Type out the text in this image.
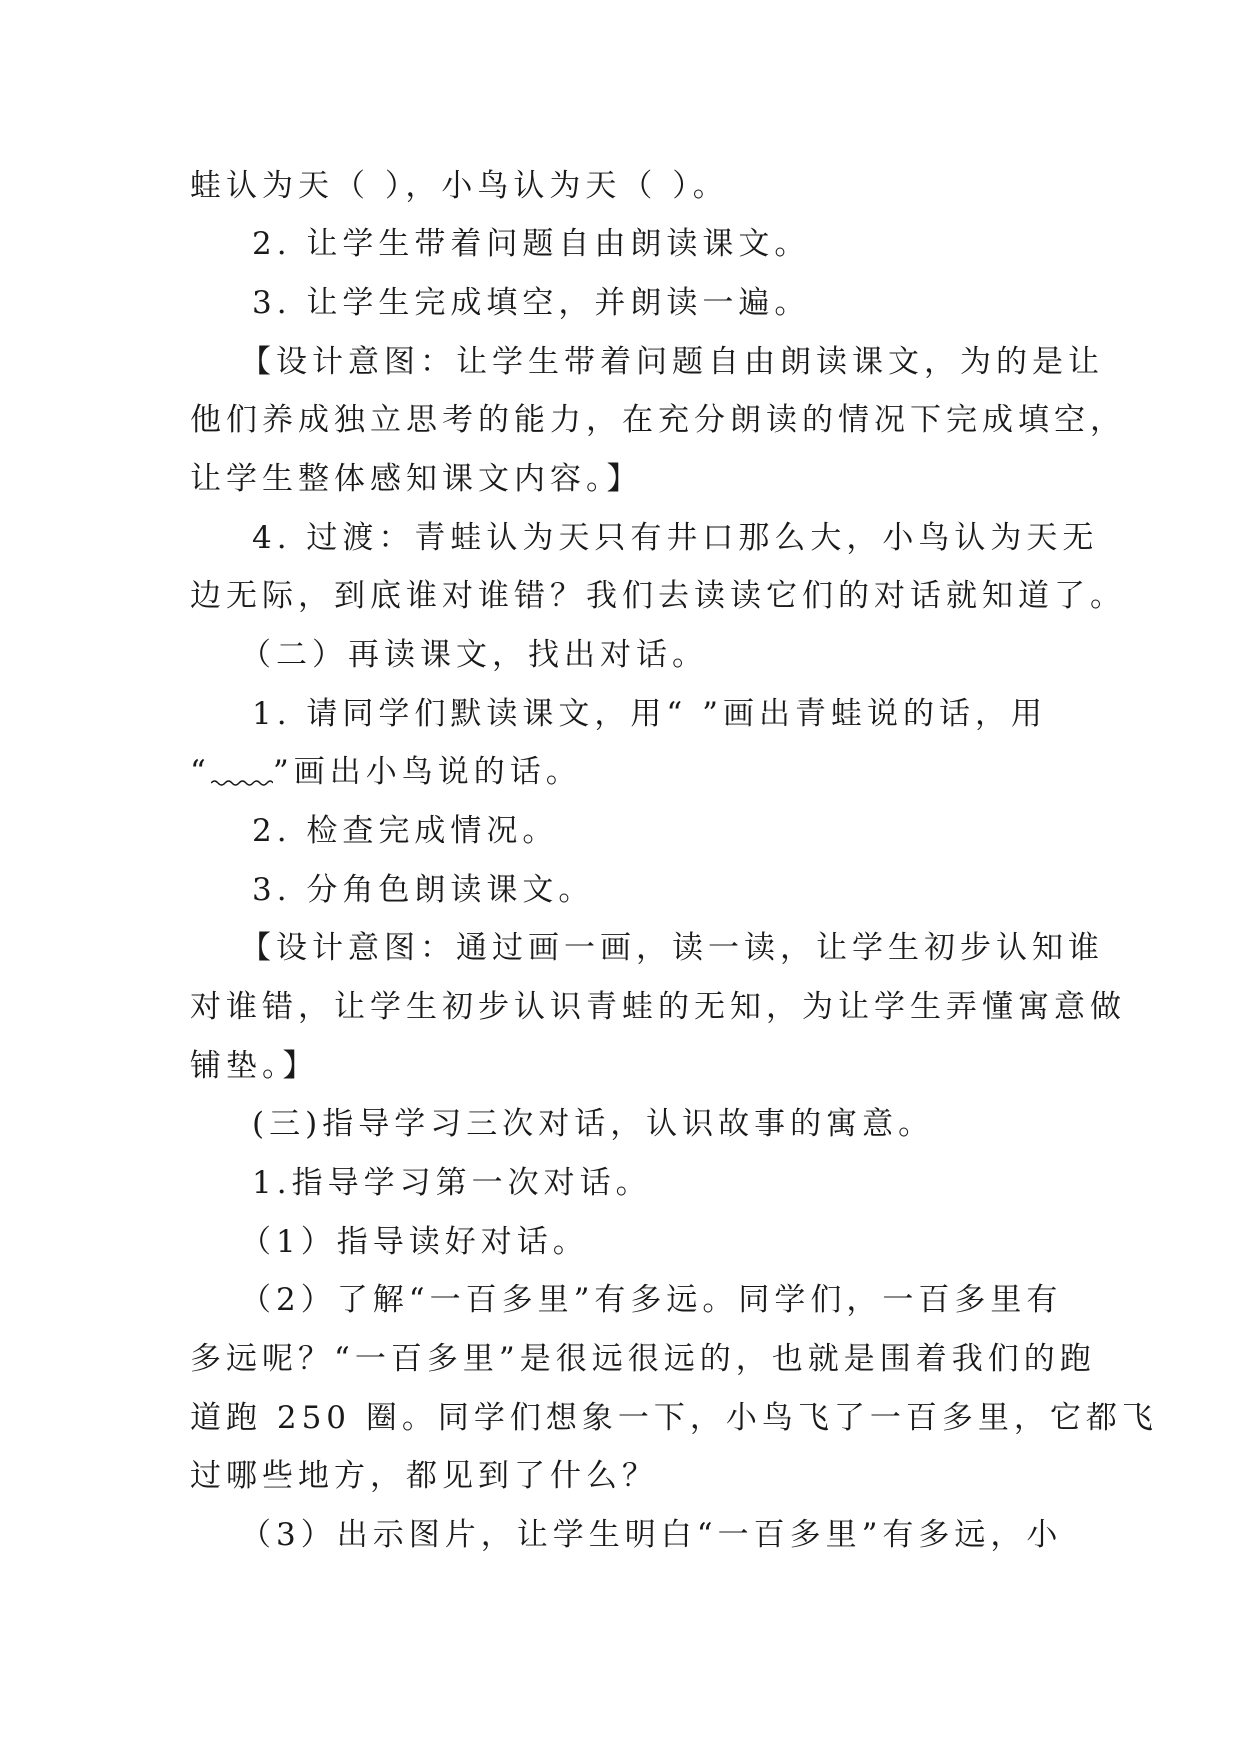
蛙认为天（ ），小鸟认为天（ ）。
2. 让学生带着问题自由朗读课文。
3. 让学生完成填空，并朗读一遍。
【设计意图：让学生带着问题自由朗读课文，为的是让
他们养成独立思考的能力，在充分朗读的情况下完成填空，
让学生整体感知课文内容。】
4. 过渡：青蛙认为天只有井口那么大，小鸟认为天无
边无际，到底谁对谁错？我们去读读它们的对话就知道了。
（二）再读课文，找出对话。
1. 请同学们默读课文，用“ ”画出青蛙说的话，用
“ ”画出小鸟说的话。
2. 检查完成情况。
3. 分角色朗读课文。
【设计意图：通过画一画，读一读，让学生初步认知谁
对谁错，让学生初步认识青蛙的无知，为让学生弄懂寓意做
铺垫。】
(三)指导学习三次对话，认识故事的寓意。
1.指导学习第一次对话。
（1）指导读好对话。
（2）了解“一百多里”有多远。同学们，一百多里有
多远呢？“一百多里”是很远很远的，也就是围着我们的跑
道跑 250 圈。同学们想象一下，小鸟飞了一百多里，它都飞
过哪些地方，都见到了什么？
（3）出示图片，让学生明白“一百多里”有多远，小
